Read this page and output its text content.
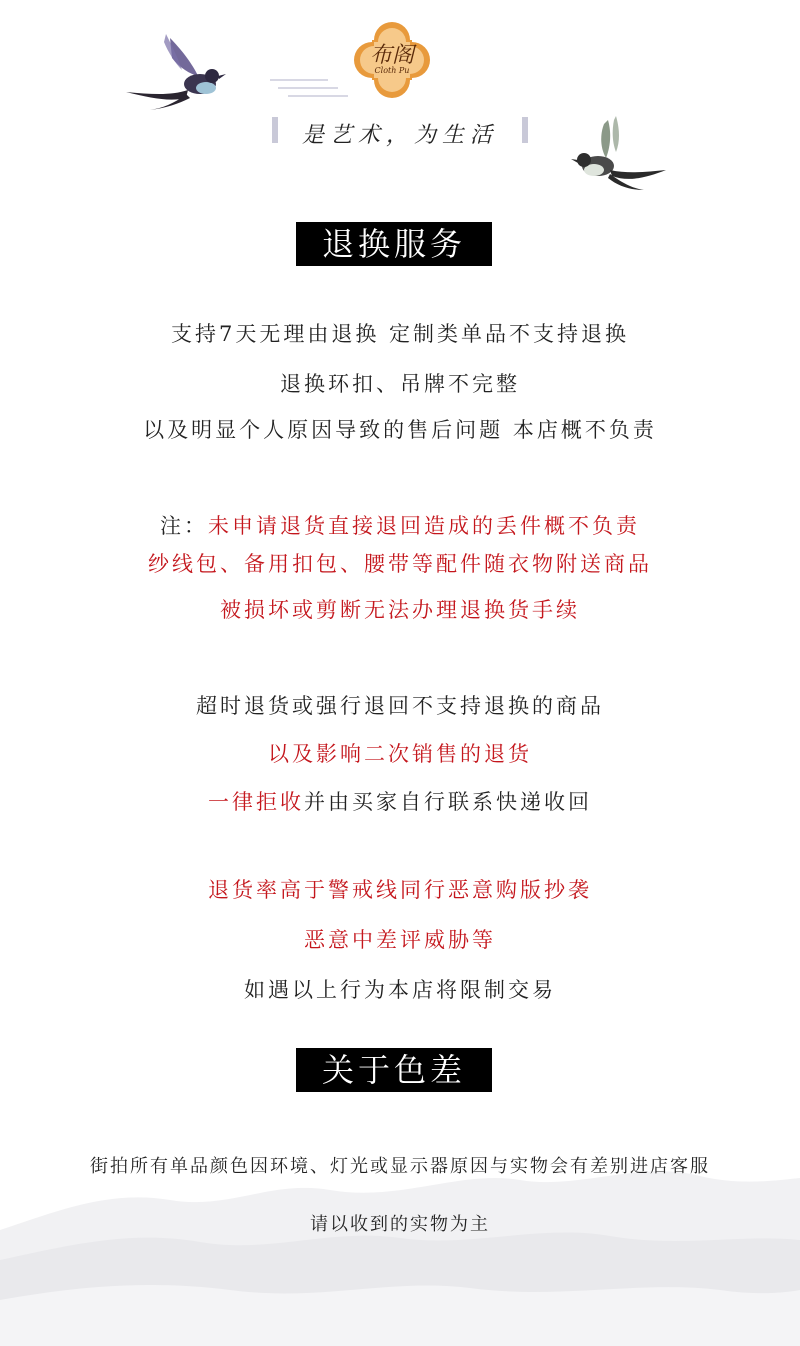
布阁
Cloth Pu
是艺术，为生活
退换服务
支持7天无理由退换 定制类单品不支持退换
退换环扣、吊牌不完整
以及明显个人原因导致的售后问题 本店概不负责
注：未申请退货直接退回造成的丢件概不负责
纱线包、备用扣包、腰带等配件随衣物附送商品
被损坏或剪断无法办理退换货手续
超时退货或强行退回不支持退换的商品
以及影响二次销售的退货
一律拒收并由买家自行联系快递收回
退货率高于警戒线同行恶意购版抄袭
恶意中差评威胁等
如遇以上行为本店将限制交易
关于色差
街拍所有单品颜色因环境、灯光或显示器原因与实物会有差别进店客服
请以收到的实物为主
